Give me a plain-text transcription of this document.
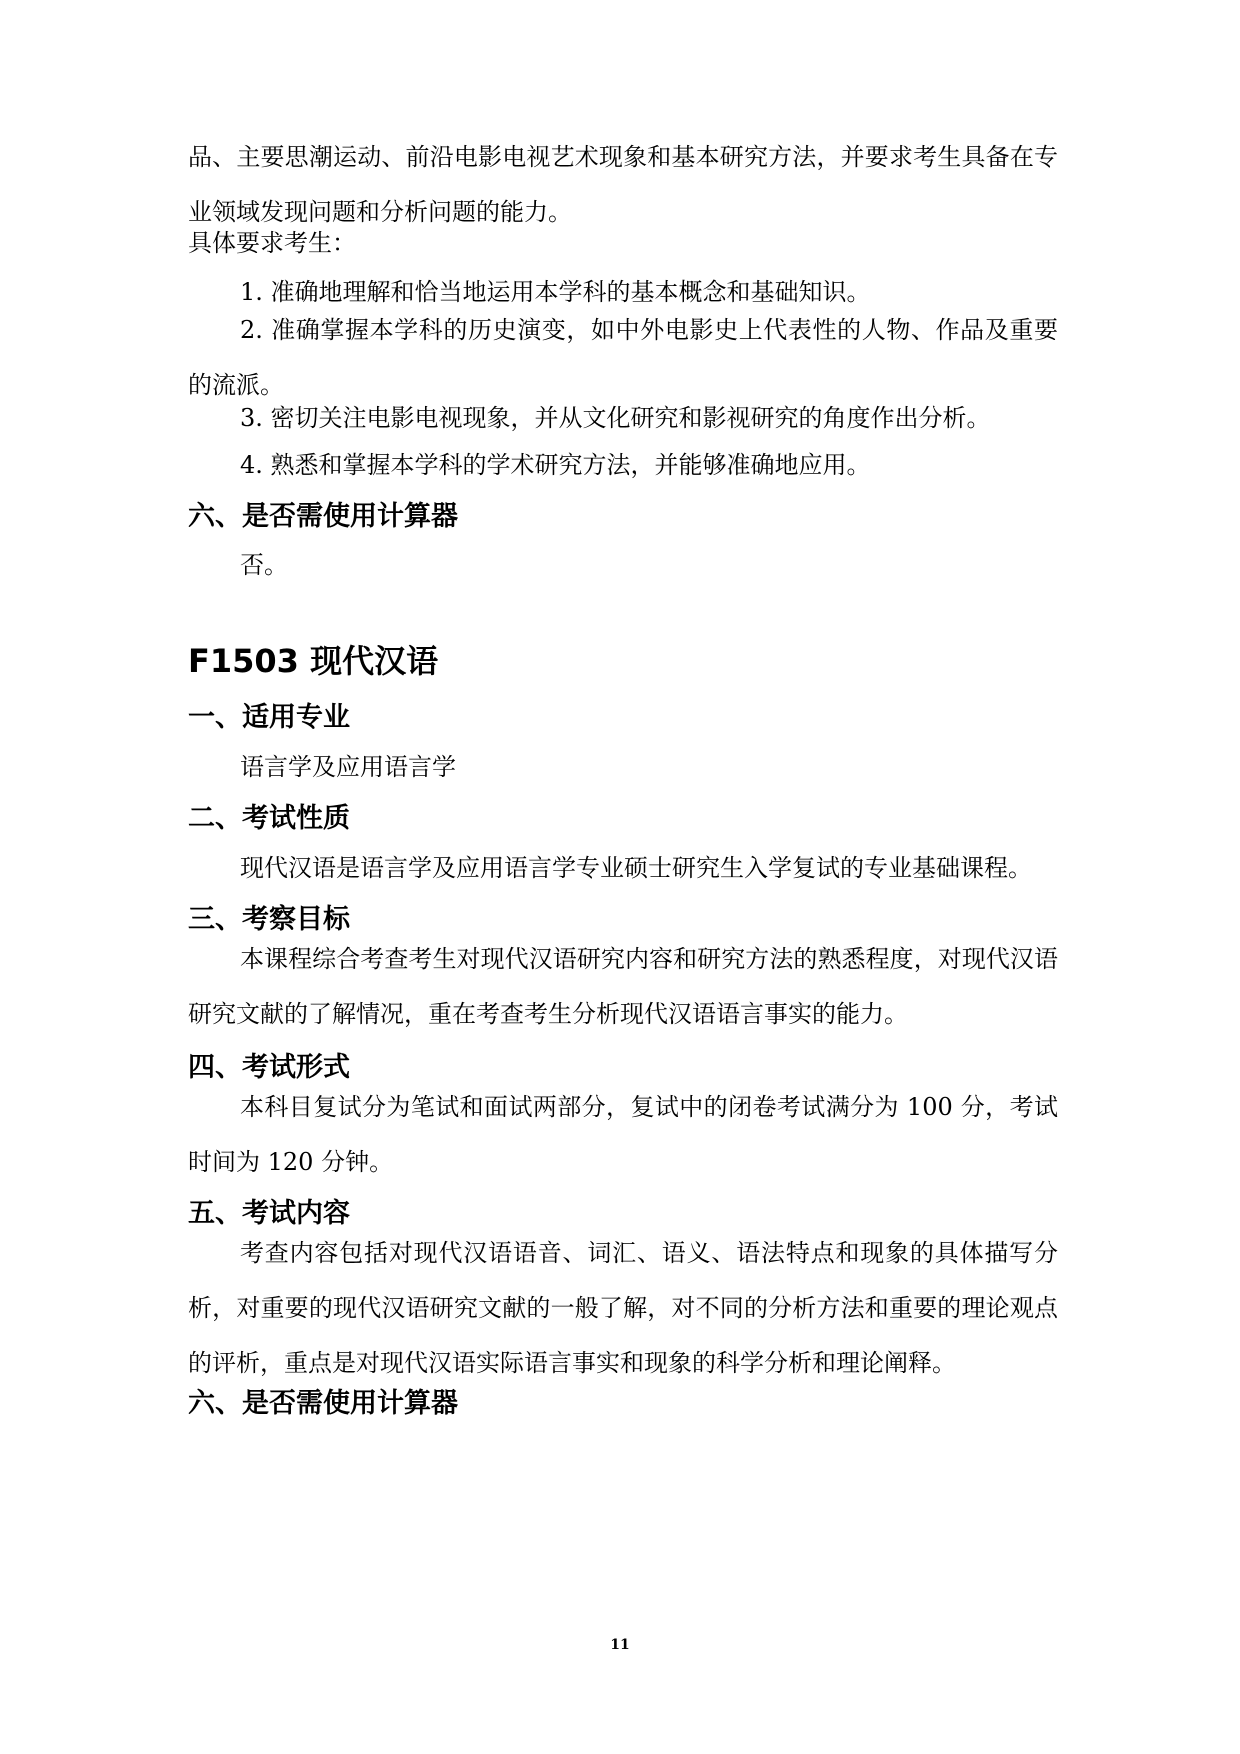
品、主要思潮运动、前沿电影电视艺术现象和基本研究方法，并要求考生具备在专业领域发现问题和分析问题的能力。
具体要求考生：
1. 准确地理解和恰当地运用本学科的基本概念和基础知识。
2. 准确掌握本学科的历史演变，如中外电影史上代表性的人物、作品及重要的流派。
3. 密切关注电影电视现象，并从文化研究和影视研究的角度作出分析。
4. 熟悉和掌握本学科的学术研究方法，并能够准确地应用。
六、是否需使用计算器
否。
F1503 现代汉语
一、适用专业
语言学及应用语言学
二、考试性质
现代汉语是语言学及应用语言学专业硕士研究生入学复试的专业基础课程。
三、考察目标
本课程综合考查考生对现代汉语研究内容和研究方法的熟悉程度，对现代汉语研究文献的了解情况，重在考查考生分析现代汉语语言事实的能力。
四、考试形式
本科目复试分为笔试和面试两部分，复试中的闭卷考试满分为 100 分，考试时间为 120 分钟。
五、考试内容
考查内容包括对现代汉语语音、词汇、语义、语法特点和现象的具体描写分析，对重要的现代汉语研究文献的一般了解，对不同的分析方法和重要的理论观点的评析，重点是对现代汉语实际语言事实和现象的科学分析和理论阐释。
六、是否需使用计算器
11
